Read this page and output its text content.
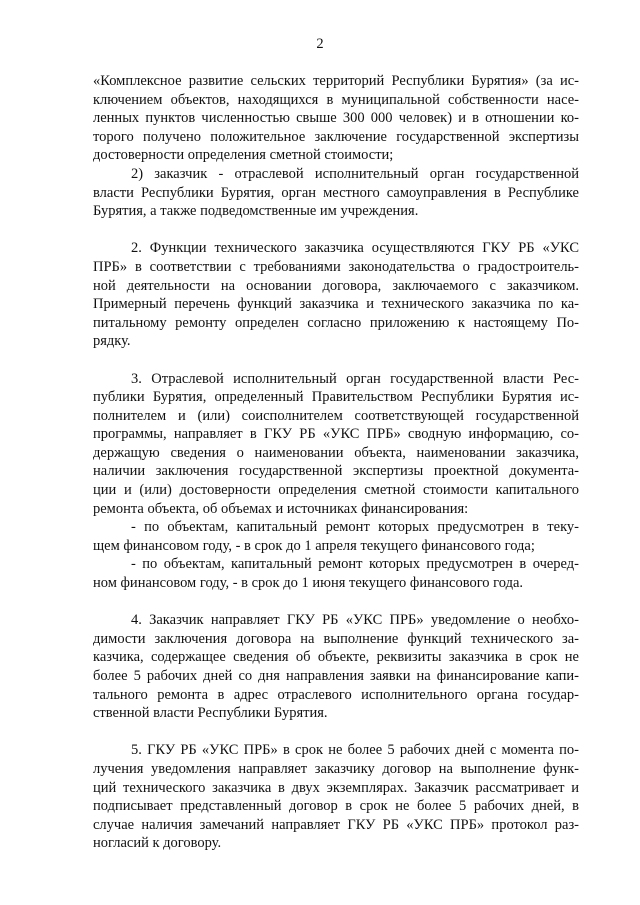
2
«Комплексное развитие сельских территорий Республики Бурятия» (за ис-
ключением объектов, находящихся в муниципальной собственности насе-
ленных пунктов численностью свыше 300 000 человек) и в отношении ко-
торого получено положительное заключение государственной экспертизы
достоверности определения сметной стоимости;
2) заказчик - отраслевой исполнительный орган государственной
власти Республики Бурятия, орган местного самоуправления в Республике
Бурятия, а также подведомственные им учреждения.
2. Функции технического заказчика осуществляются ГКУ РБ «УКС
ПРБ» в соответствии с требованиями законодательства о градостроитель-
ной деятельности на основании договора, заключаемого с заказчиком.
Примерный перечень функций заказчика и технического заказчика по ка-
питальному ремонту определен согласно приложению к настоящему По-
рядку.
3. Отраслевой исполнительный орган государственной власти Рес-
публики Бурятия, определенный Правительством Республики Бурятия ис-
полнителем и (или) соисполнителем соответствующей государственной
программы, направляет в ГКУ РБ «УКС ПРБ» сводную информацию, со-
держащую сведения о наименовании объекта, наименовании заказчика,
наличии заключения государственной экспертизы проектной документа-
ции и (или) достоверности определения сметной стоимости капитального
ремонта объекта, об объемах и источниках финансирования:
- по объектам, капитальный ремонт которых предусмотрен в теку-
щем финансовом году, - в срок до 1 апреля текущего финансового года;
- по объектам, капитальный ремонт которых предусмотрен в очеред-
ном финансовом году, - в срок до 1 июня текущего финансового года.
4. Заказчик направляет ГКУ РБ «УКС ПРБ» уведомление о необхо-
димости заключения договора на выполнение функций технического за-
казчика, содержащее сведения об объекте, реквизиты заказчика в срок не
более 5 рабочих дней со дня направления заявки на финансирование капи-
тального ремонта в адрес отраслевого исполнительного органа государ-
ственной власти Республики Бурятия.
5. ГКУ РБ «УКС ПРБ» в срок не более 5 рабочих дней с момента по-
лучения уведомления направляет заказчику договор на выполнение функ-
ций технического заказчика в двух экземплярах. Заказчик рассматривает и
подписывает представленный договор в срок не более 5 рабочих дней, в
случае наличия замечаний направляет ГКУ РБ «УКС ПРБ» протокол раз-
ногласий к договору.
